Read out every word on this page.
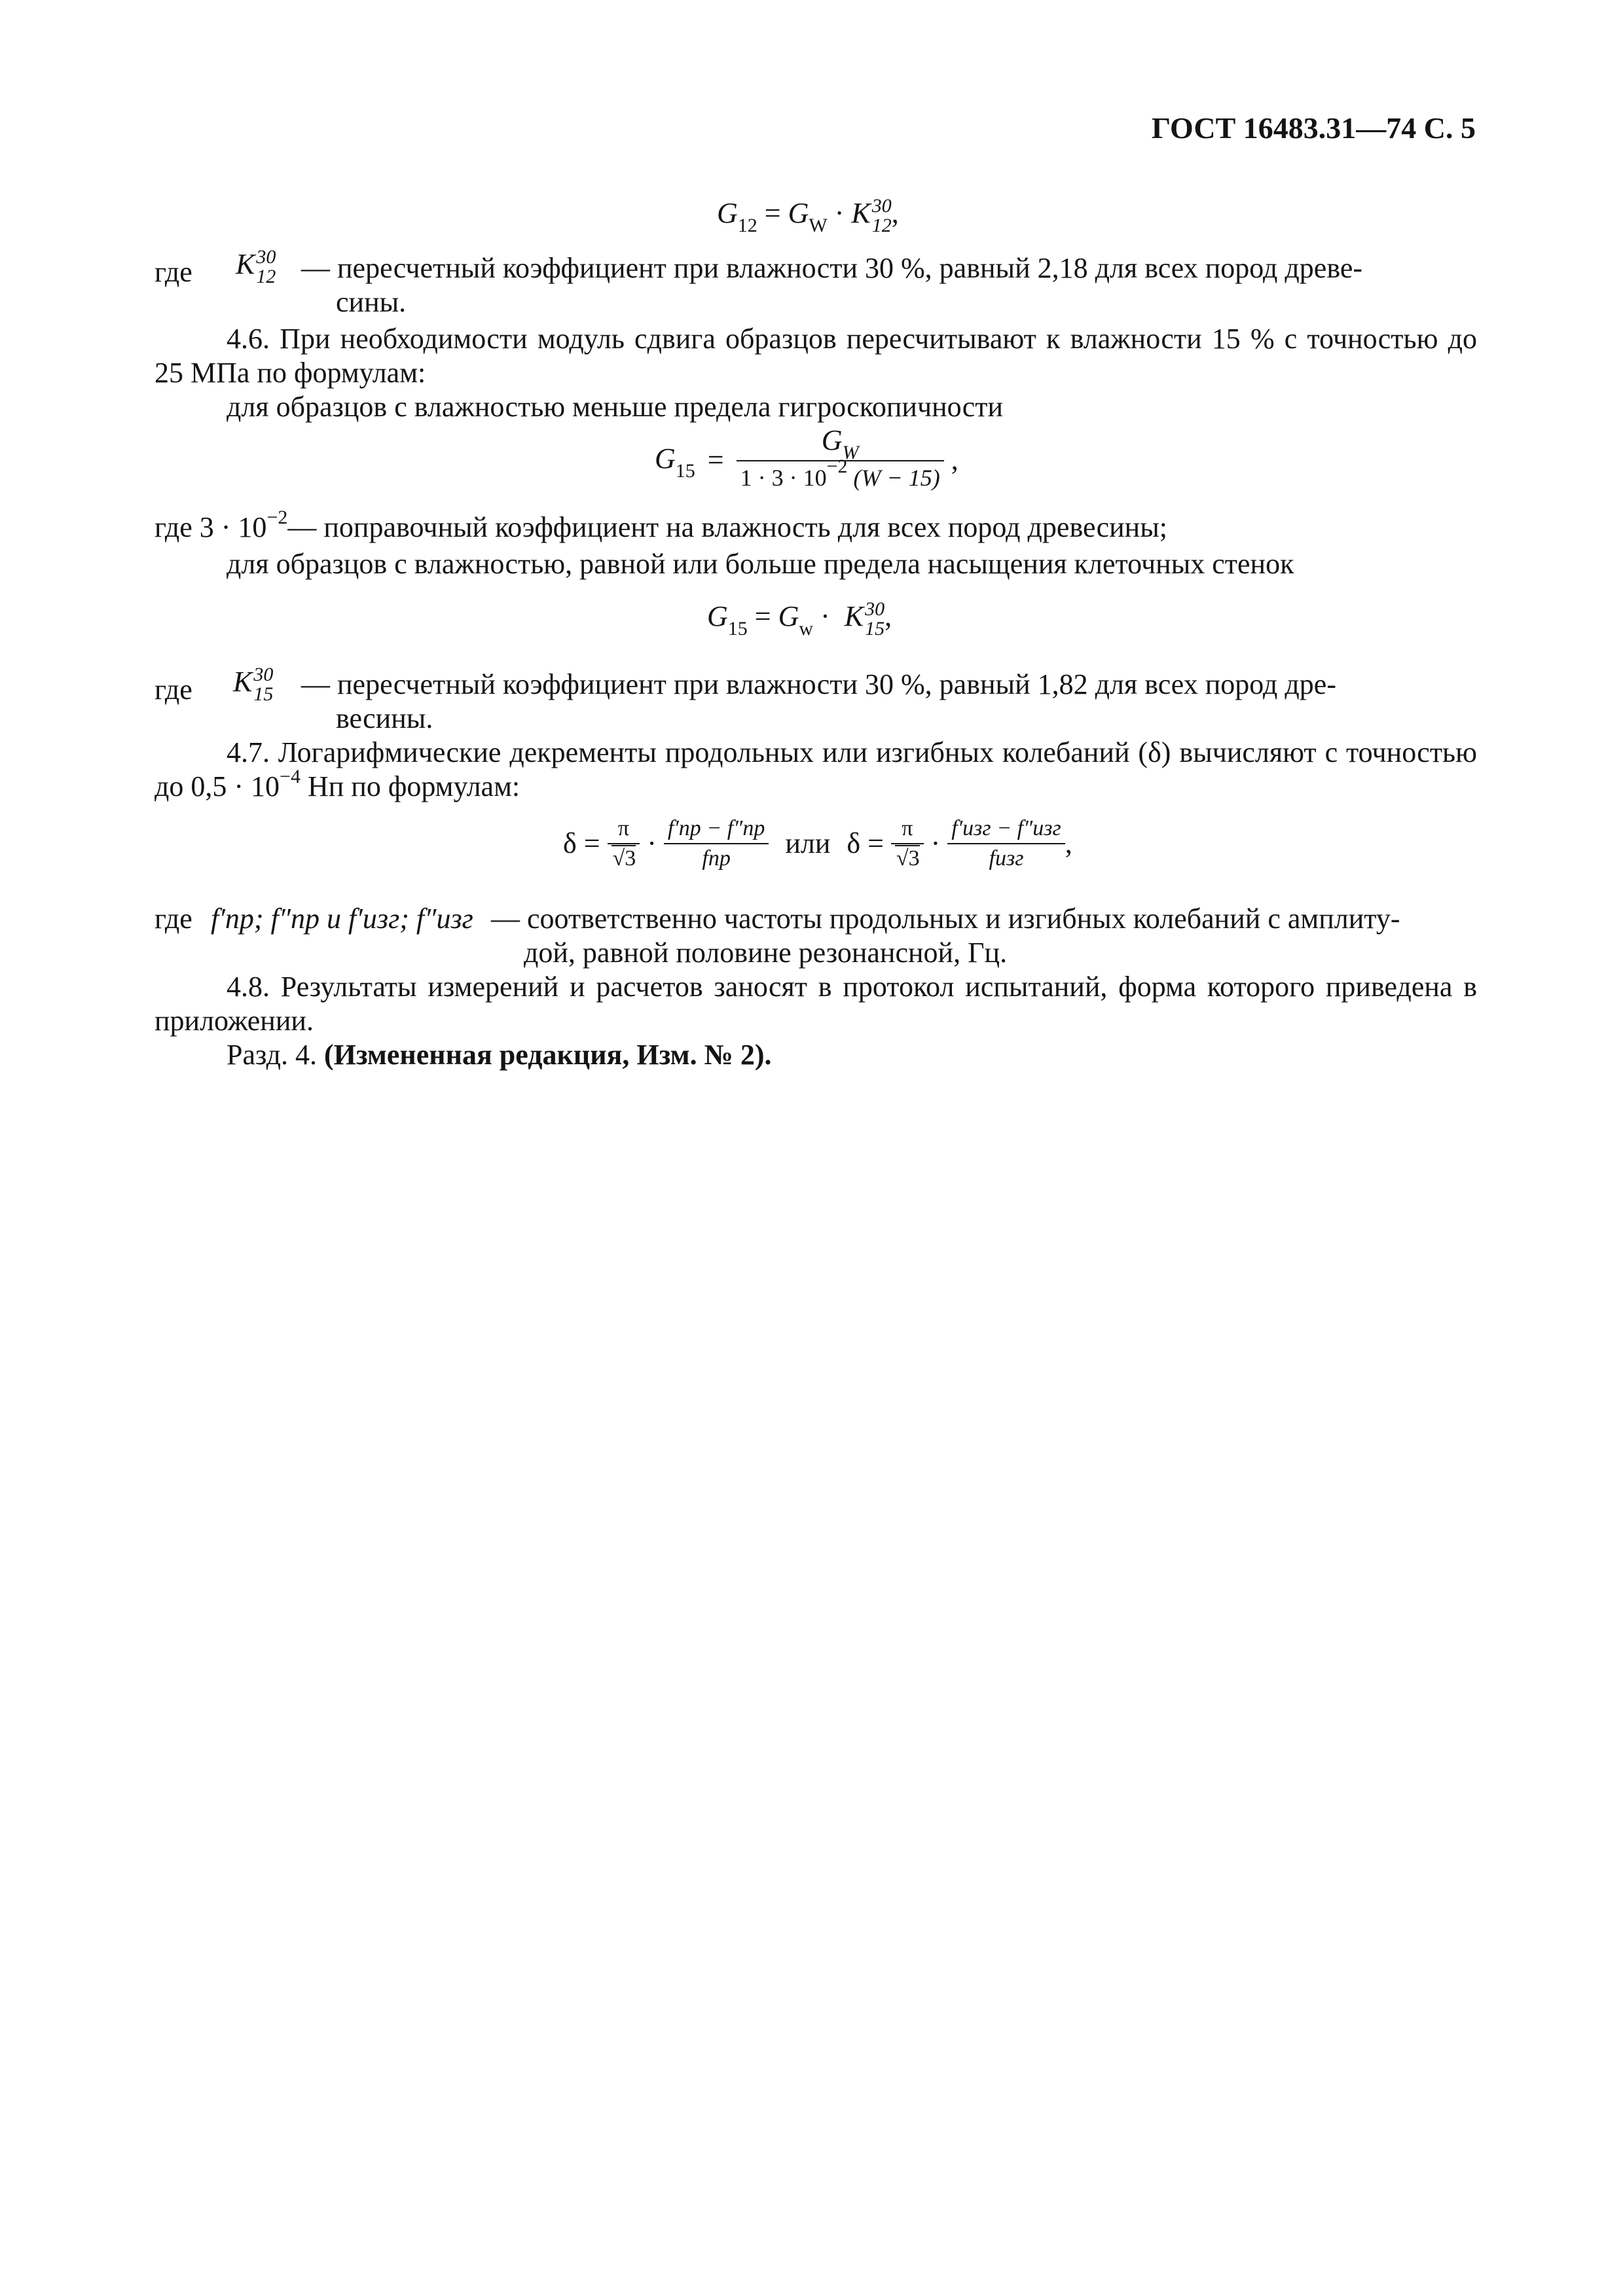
ГОСТ 16483.31—74 С. 5
$G_{12} = G_W \cdot K$ 30
12 ,
где K 30
12 — пересчетный коэффициент при влажности 30 %, равный 2,18 для всех пород древе-
сины.
4.6. При необходимости модуль сдвига образцов пересчитывают к влажности 15 % с точностью до 25 МПа по формулам:
для образцов с влажностью меньше предела гигроскопичности
$G_{15} = \frac{G_W}{1 \cdot 3 \cdot 10^{-2} (W - 15)}$ ,
где $3 \cdot 10^{-2}—$ поправочный коэффициент на влажность для всех пород древесины;
для образцов с влажностью, равной или больше предела насыщения клеточных стенок
$G_{15} = G_w \cdot K$ 30
15 ,
где K 30
15 — пересчетный коэффициент при влажности 30 %, равный 1,82 для всех пород дре-
весины.
4.7. Логарифмические декременты продольных или изгибных колебаний (δ) вычисляют с точностью до $0,5 \cdot 10^{-4}$ Нп по формулам:
$\delta = \frac{\pi}{√3} \cdot \frac{f'пр - f''пр}{\text{fпр}}$ или $\delta = \frac{\pi}{√3} \cdot \frac{\text{f′изг − f″изг}}{\text{fизг}}$ ,
где f′пр; f″пр и f′изг; f″изг — соответственно частоты продольных и изгибных колебаний с амплиту-
дой, равной половине резонансной, Гц.
4.8. Результаты измерений и расчетов заносят в протокол испытаний, форма которого приведена в приложении.
Разд. 4. (Измененная редакция, Изм. № 2).
